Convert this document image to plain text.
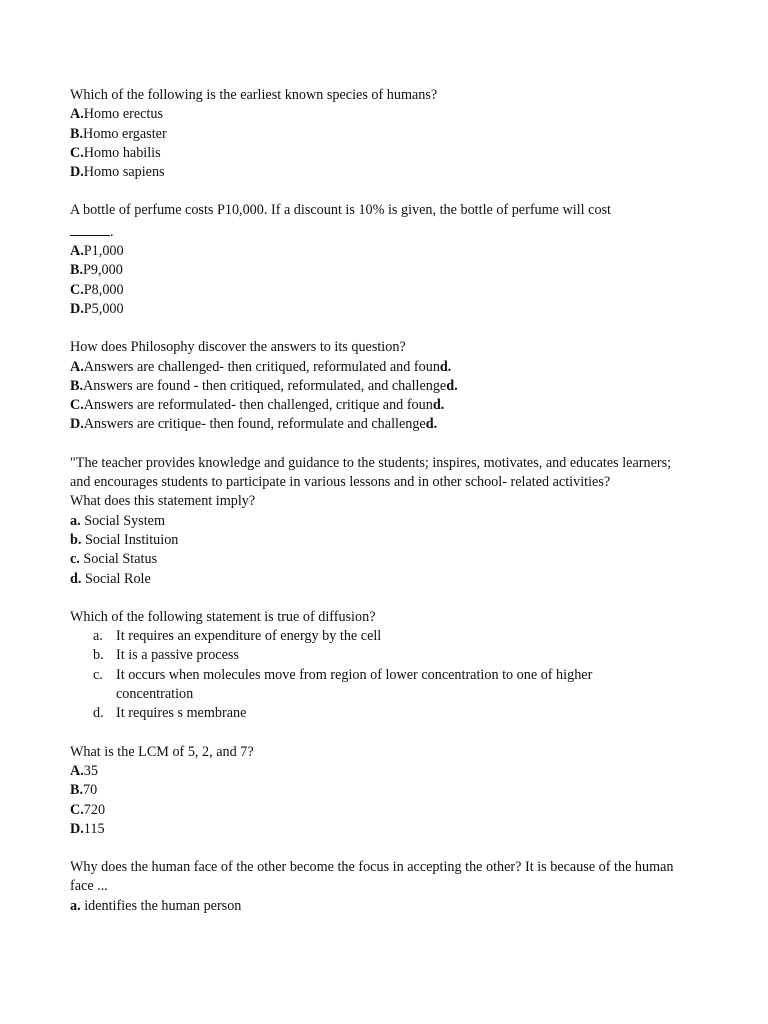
Which of the following is the earliest known species of humans?
A.Homo erectus
B.Homo ergaster
C.Homo habilis
D.Homo sapiens
A bottle of perfume costs P10,000. If a discount is 10% is given, the bottle of perfume will cost
.
A.P1,000
B.P9,000
C.P8,000
D.P5,000
How does Philosophy discover the answers to its question?
A.Answers are challenged- then critiqued, reformulated and found.
B.Answers are found - then critiqued, reformulated, and challenged.
C.Answers are reformulated- then challenged, critique and found.
D.Answers are critique- then found, reformulate and challenged.
"The teacher provides knowledge and guidance to the students; inspires, motivates, and educates learners; and encourages students to participate in various lessons and in other school- related activities?
What does this statement imply?
a. Social System
b. Social Instituion
c. Social Status
d. Social Role
Which of the following statement is true of diffusion?
a. It requires an expenditure of energy by the cell
b. It is a passive process
c. It occurs when molecules move from region of lower concentration to one of higher concentration
d. It requires s membrane
What is the LCM of 5, 2, and 7?
A.35
B.70
C.720
D.115
Why does the human face of the other become the focus in accepting the other? It is because of the human face ...
a. identifies the human person
